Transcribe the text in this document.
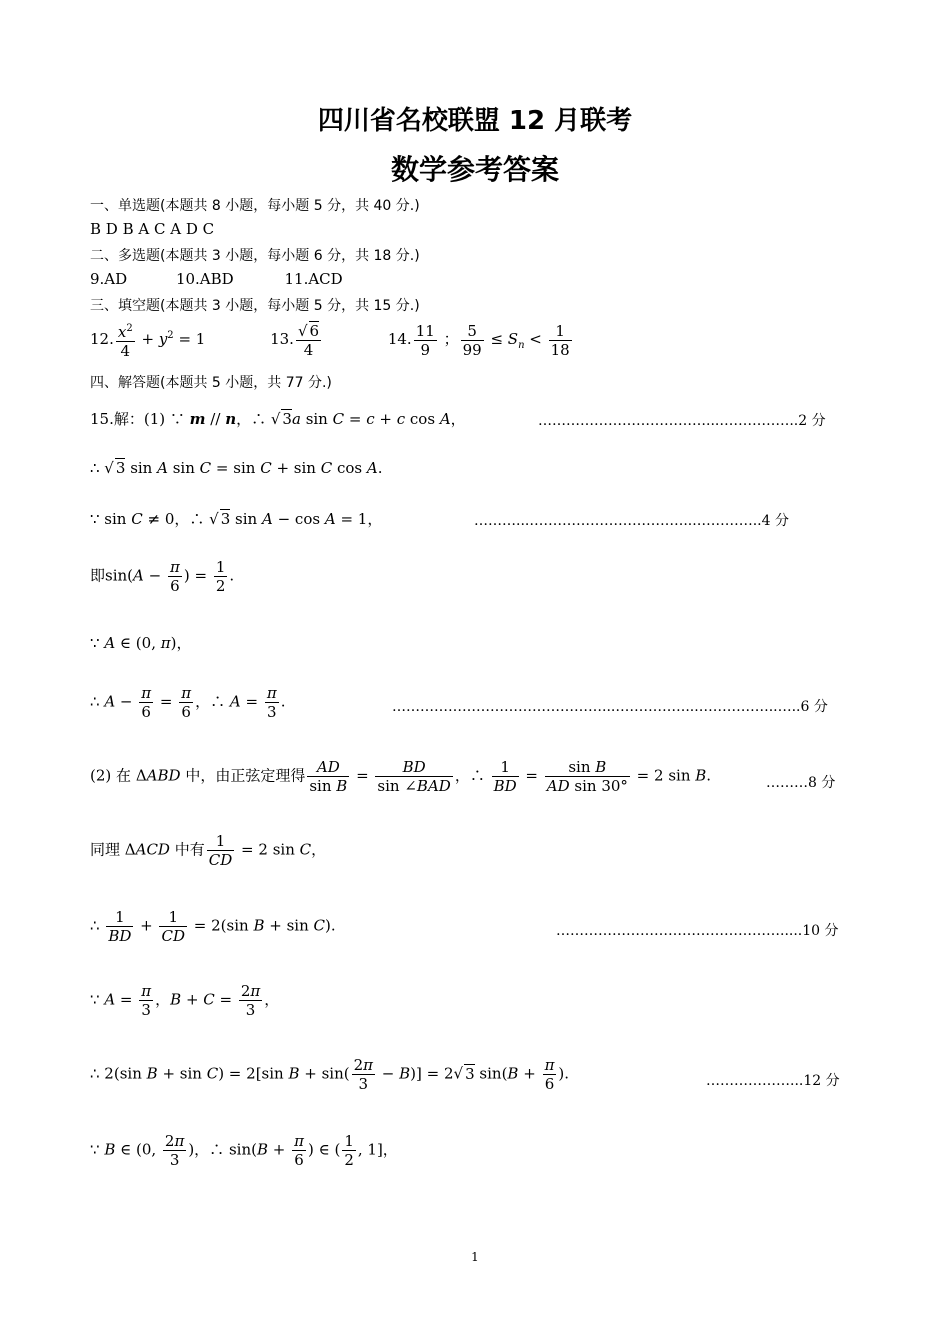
四川省名校联盟 12 月联考
数学参考答案
一、单选题(本题共 8 小题，每小题 5 分，共 40 分.)
B D B A C A D C
二、多选题(本题共 3 小题，每小题 6 分，共 18 分.)
9.AD	10.ABD	11.ACD
三、填空题(本题共 3 小题，每小题 5 分，共 15 分.)
12. $\frac{x^2}{4} + y^2 = 1$	13. $\frac{√ 6}{4}$	14. $\frac{11}{9}$ ； $\frac{5}{99} \le S_n < \frac{1}{18}$
四、解答题(本题共 5 小题，共 77 分.)
15.解：(1) ∵ m // n，∴ √ 3a sin C = c + c cos A，	………………………………...……………..2 分
∴ √ 3 sin A sin C = sin C + sin C cos A.
∵ sin C ≠ 0，∴ √ 3 sin A − cos A = 1，	………...……………………………...…………..4 分
即$\sin(A - \frac{\pi}{6}$ ) = $\frac{1}{2}$ .
∵ A ∈ (0, π)，
∴ $A - \frac{\pi}{6} = \frac{\pi}{6}$ ，∴ $A = \frac{\pi}{3}$ .	………………………………………...……………...……………..…..6 分
(2) 在 ΔABD 中，由正弦定理得 $\frac{AD}{\text{sin B}} = \frac{BD}{\text{sin ∠BAD}}$ ，∴ $\frac{1}{BD} = \frac{\text{sin B}}{\text{AD sin 30°}} = 2$ sin B.	………8 分
同理 ΔACD 中有 $\frac{1}{CD} = 2$ sin C，
∴ $\frac{1}{BD} + \frac{1}{CD} = 2(\sin$ B + sin C).	………………………………………….....10 分
∵ $A = \frac{\pi}{3}$ ，$B + C = \frac{2\pi}{3}$ ，
∴ 2(sin B + sin C) = 2[sin $B + \sin( \frac{2\pi}{3} - B)] = 2√$ 3 $\sin(B + \frac{\pi}{6}$ ).	………………...12 分
∵ B ∈ (0, $\frac{2\pi}{3}$ )，∴ $\sin(B + \frac{\pi}{6}$ ) ∈ ( $\frac{1}{2}$ , 1]，
1
